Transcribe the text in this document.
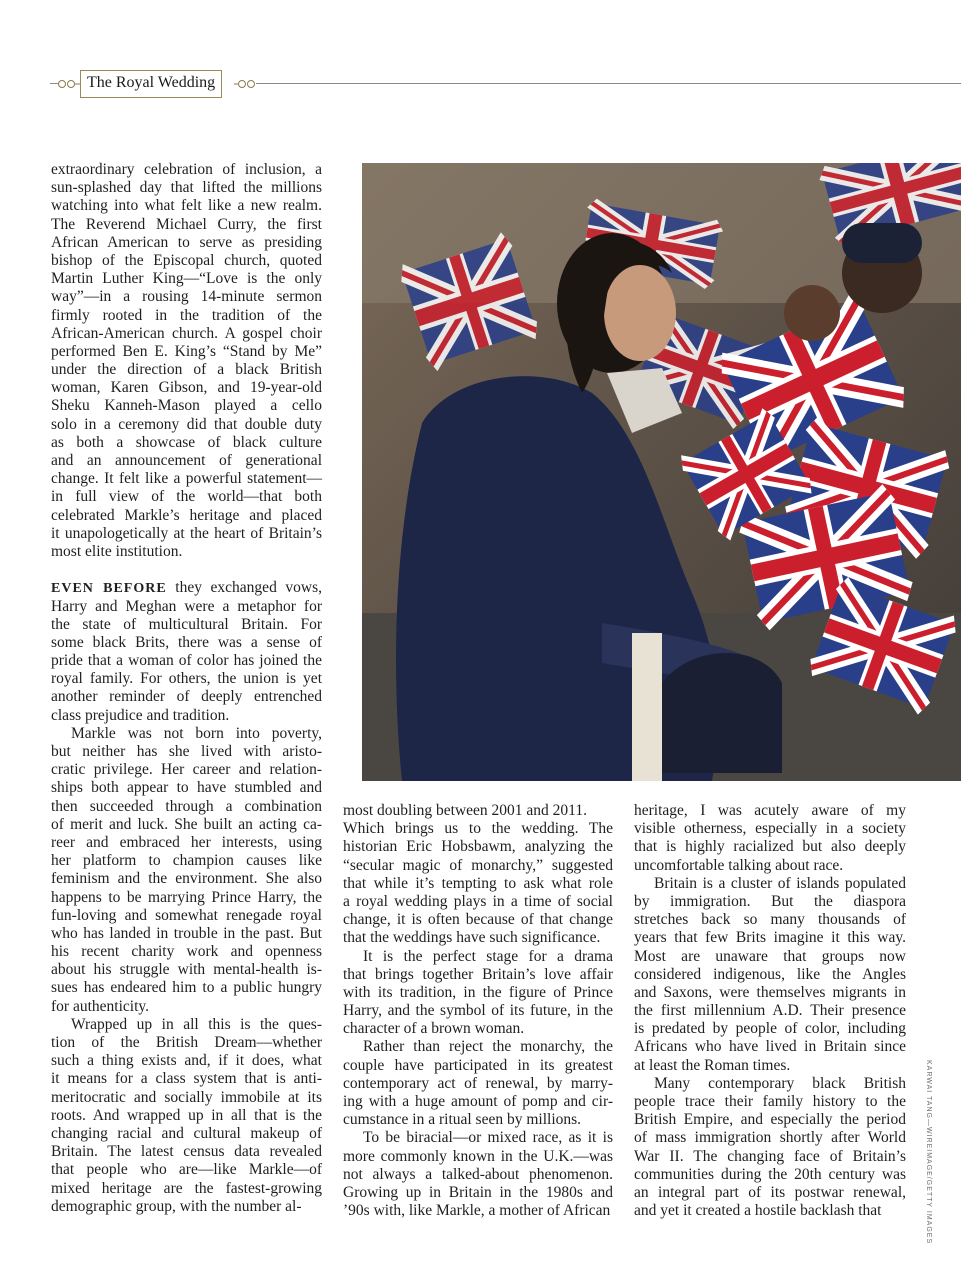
The Royal Wedding
KARWAI TANG—WIREIMAGE/GETTY IMAGES
extraordinary celebration of inclusion, a
sun-splashed day that lifted the millions
watching into what felt like a new realm.
The Reverend Michael Curry, the first
African American to serve as presiding
bishop of the Episcopal church, quoted
Martin Luther King—“Love is the only
way”—in a rousing 14-minute sermon
firmly rooted in the tradition of the
African-American church. A gospel choir
performed Ben E. King’s “Stand by Me”
under the direction of a black British
woman, Karen Gibson, and 19-year-old
Sheku Kanneh-Mason played a cello
solo in a ceremony did that double duty
as both a showcase of black culture
and an announcement of generational
change. It felt like a powerful statement—
in full view of the world—that both
celebrated Markle’s heritage and placed
it unapologetically at the heart of Britain’s
most elite institution.
EVEN BEFORE they exchanged vows,
Harry and Meghan were a metaphor for
the state of multicultural Britain. For
some black Brits, there was a sense of
pride that a woman of color has joined the
royal family. For others, the union is yet
another reminder of deeply entrenched
class prejudice and tradition.
Markle was not born into poverty,
but neither has she lived with aristo-
cratic privilege. Her career and relation-
ships both appear to have stumbled and
then succeeded through a combination
of merit and luck. She built an acting ca-
reer and embraced her interests, using
her platform to champion causes like
feminism and the environment. She also
happens to be marrying Prince Harry, the
fun-loving and somewhat renegade royal
who has landed in trouble in the past. But
his recent charity work and openness
about his struggle with mental-health is-
sues has endeared him to a public hungry
for authenticity.
Wrapped up in all this is the ques-
tion of the British Dream—whether
such a thing exists and, if it does, what
it means for a class system that is anti-
meritocratic and socially immobile at its
roots. And wrapped up in all that is the
changing racial and cultural makeup of
Britain. The latest census data revealed
that people who are—like Markle—of
mixed heritage are the fastest-growing
demographic group, with the number al-
most doubling between 2001 and 2011.
Which brings us to the wedding. The
historian Eric Hobsbawm, analyzing the
“secular magic of monarchy,” suggested
that while it’s tempting to ask what role
a royal wedding plays in a time of social
change, it is often because of that change
that the weddings have such significance.
It is the perfect stage for a drama
that brings together Britain’s love affair
with its tradition, in the figure of Prince
Harry, and the symbol of its future, in the
character of a brown woman.
Rather than reject the monarchy, the
couple have participated in its greatest
contemporary act of renewal, by marry-
ing with a huge amount of pomp and cir-
cumstance in a ritual seen by millions.
To be biracial—or mixed race, as it is
more commonly known in the U.K.—was
not always a talked-about phenomenon.
Growing up in Britain in the 1980s and
’90s with, like Markle, a mother of African
heritage, I was acutely aware of my
visible otherness, especially in a society
that is highly racialized but also deeply
uncomfortable talking about race.
Britain is a cluster of islands populated
by immigration. But the diaspora
stretches back so many thousands of
years that few Brits imagine it this way.
Most are unaware that groups now
considered indigenous, like the Angles
and Saxons, were themselves migrants in
the first millennium A.D. Their presence
is predated by people of color, including
Africans who have lived in Britain since
at least the Roman times.
Many contemporary black British
people trace their family history to the
British Empire, and especially the period
of mass immigration shortly after World
War II. The changing face of Britain’s
communities during the 20th century was
an integral part of its postwar renewal,
and yet it created a hostile backlash that
